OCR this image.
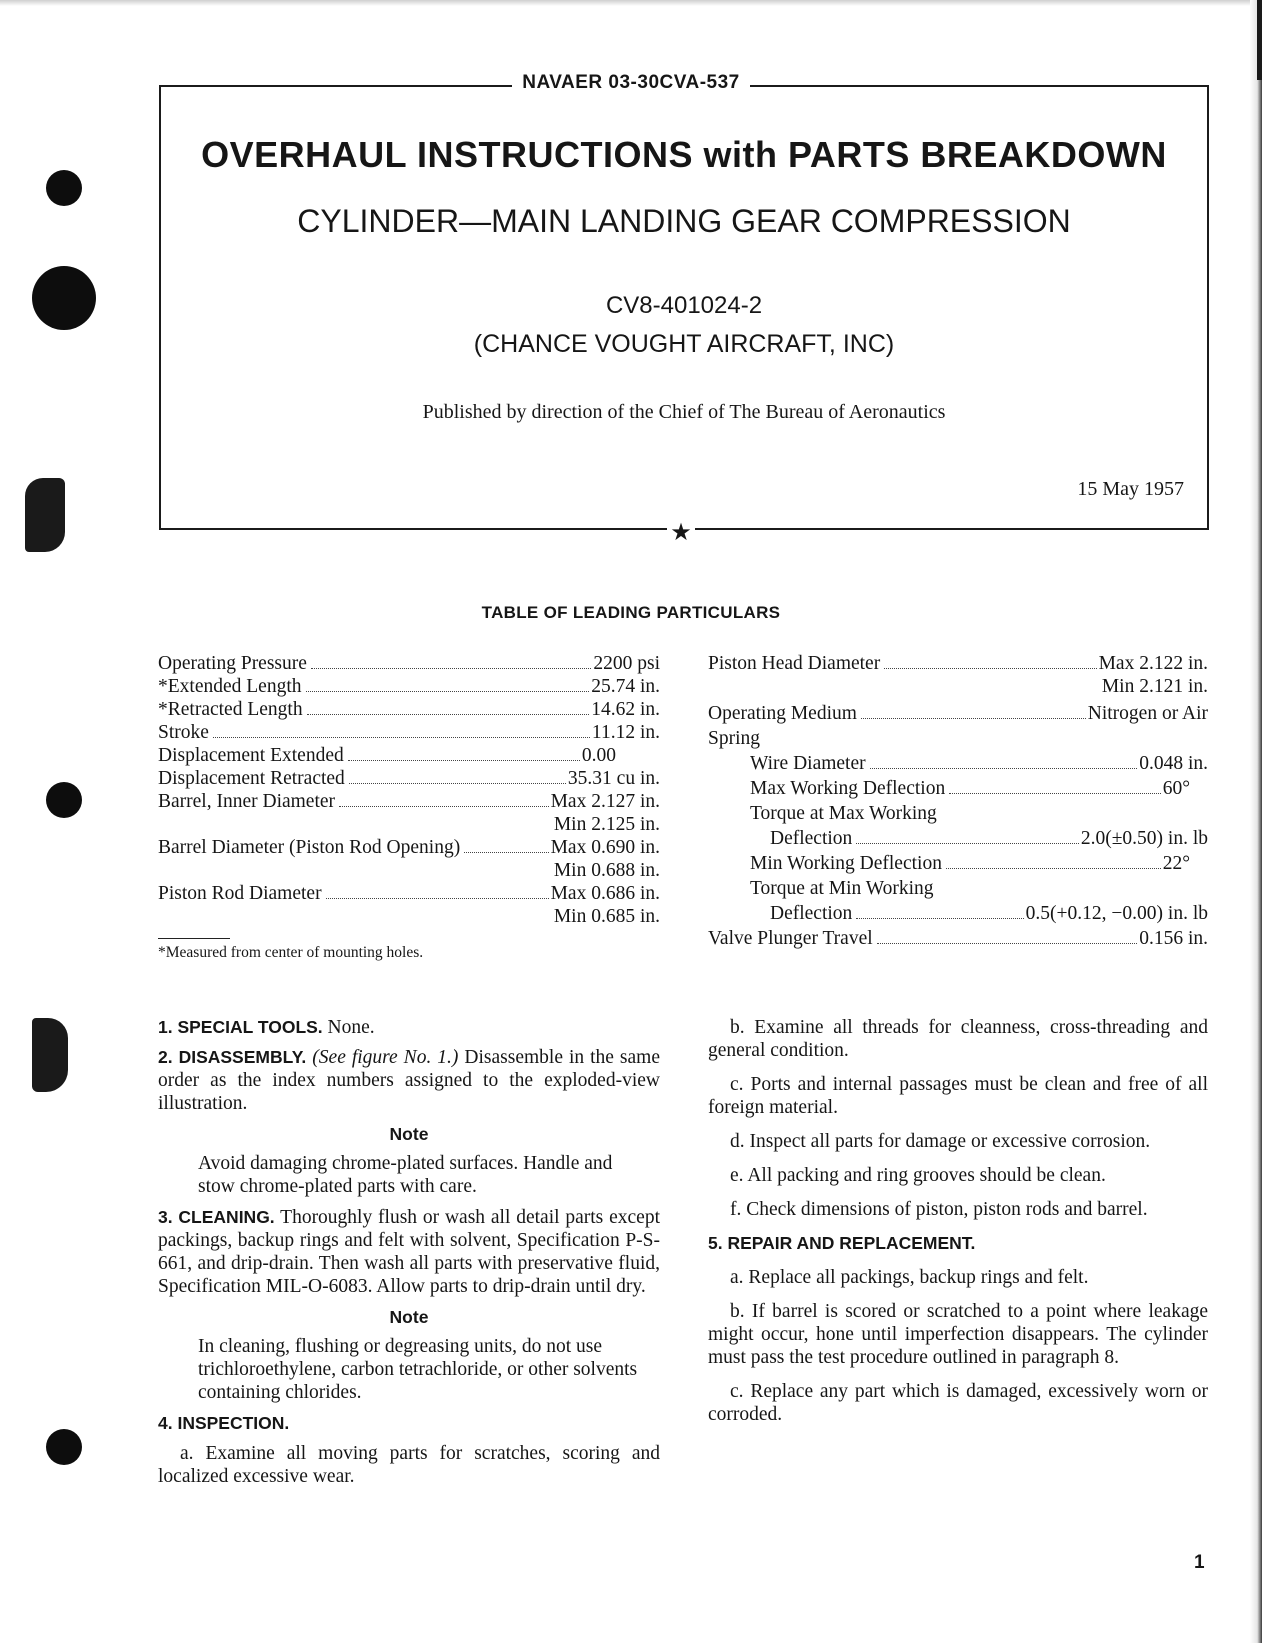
NAVAER 03-30CVA-537
OVERHAUL INSTRUCTIONS with PARTS BREAKDOWN
CYLINDER—MAIN LANDING GEAR COMPRESSION
CV8-401024-2
(CHANCE VOUGHT AIRCRAFT, INC)
Published by direction of the Chief of The Bureau of Aeronautics
15 May 1957
★
TABLE OF LEADING PARTICULARS
Operating Pressure	2200 psi
*Extended Length	25.74 in.
*Retracted Length	14.62 in.
Stroke	11.12 in.
Displacement Extended	0.00
Displacement Retracted	35.31 cu in.
Barrel, Inner Diameter	Max 2.127 in.
Min 2.125 in.
Barrel Diameter (Piston Rod Opening)	Max 0.690 in.
Min 0.688 in.
Piston Rod Diameter	Max 0.686 in.
Min 0.685 in.
Piston Head Diameter	Max 2.122 in.
Min 2.121 in.
Operating Medium	Nitrogen or Air
Spring
Wire Diameter	0.048 in.
Max Working Deflection	60°
Torque at Max Working
Deflection	2.0(±0.50) in. lb
Min Working Deflection	22°
Torque at Min Working
Deflection	0.5(+0.12, −0.00) in. lb
Valve Plunger Travel	0.156 in.
*Measured from center of mounting holes.

1. SPECIAL TOOLS. None.

2. DISASSEMBLY. (See figure No. 1.) Disassemble in the same order as the index numbers assigned to the exploded-view illustration.

Note

Avoid damaging chrome-plated surfaces. Handle and stow chrome-plated parts with care.

3. CLEANING. Thoroughly flush or wash all detail parts except packings, backup rings and felt with solvent, Specification P-S-661, and drip-drain. Then wash all parts with preservative fluid, Specification MIL-O-6083. Allow parts to drip-drain until dry.

Note

In cleaning, flushing or degreasing units, do not use trichloroethylene, carbon tetrachloride, or other solvents containing chlorides.

4. INSPECTION.

a. Examine all moving parts for scratches, scoring and localized excessive wear.

b. Examine all threads for cleanness, cross-threading and general condition.

c. Ports and internal passages must be clean and free of all foreign material.

d. Inspect all parts for damage or excessive corrosion.

e. All packing and ring grooves should be clean.

f. Check dimensions of piston, piston rods and barrel.

5. REPAIR AND REPLACEMENT.

a. Replace all packings, backup rings and felt.

b. If barrel is scored or scratched to a point where leakage might occur, hone until imperfection disappears. The cylinder must pass the test procedure outlined in paragraph 8.

c. Replace any part which is damaged, excessively worn or corroded.

1
